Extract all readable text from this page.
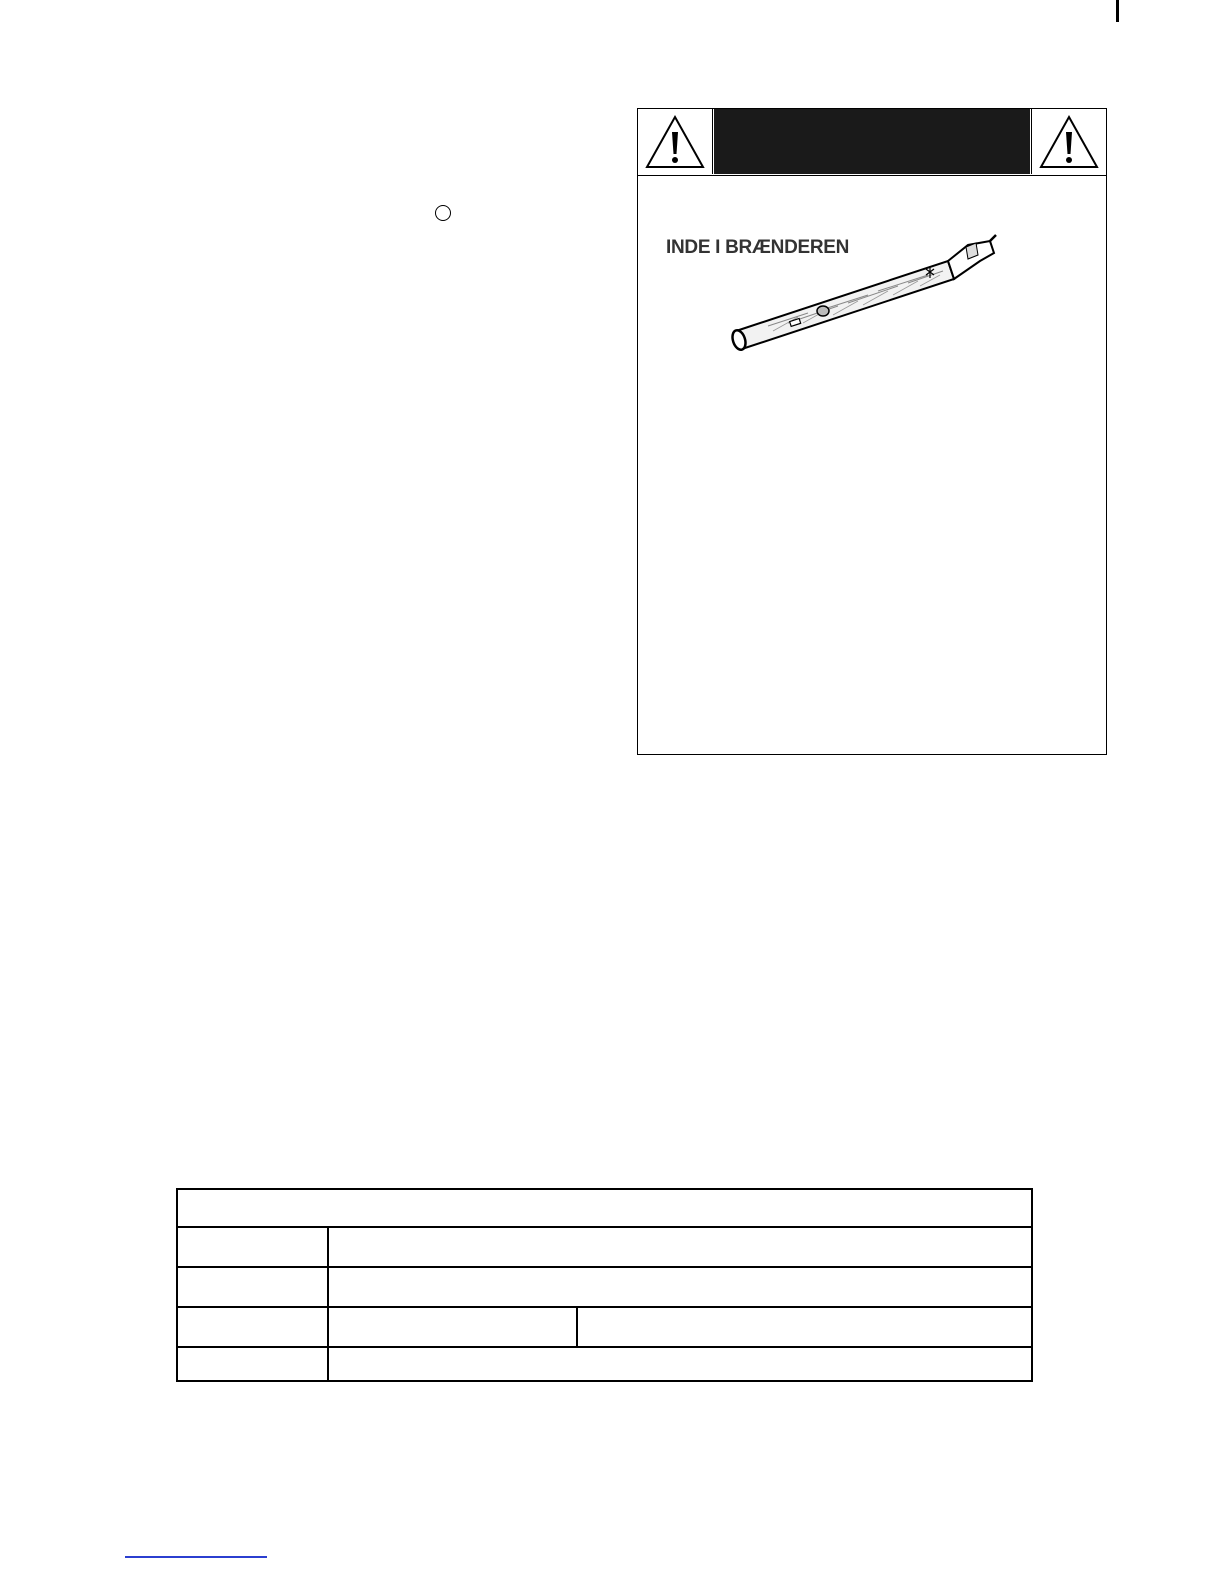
INDE I BRÆNDEREN
